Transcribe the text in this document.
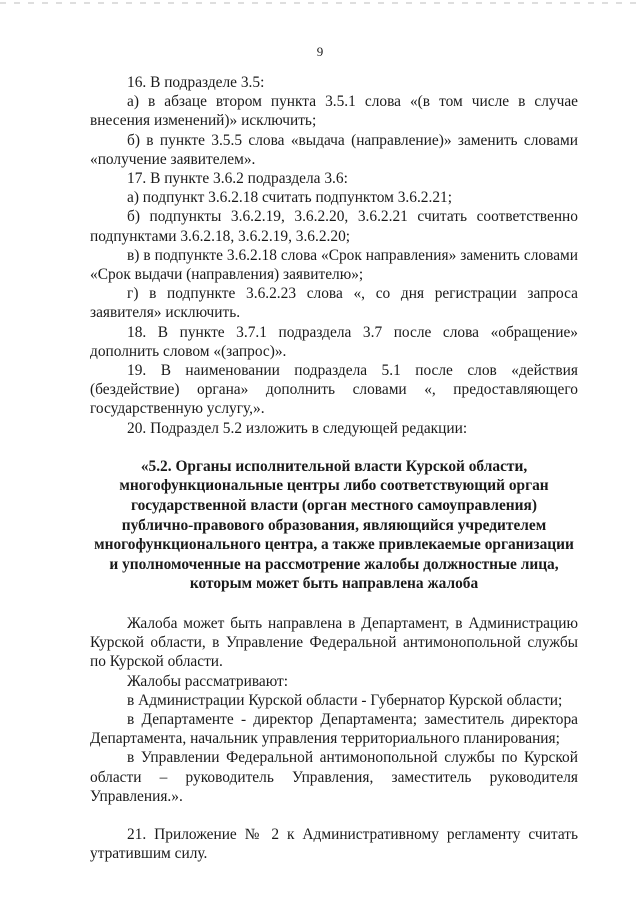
9

16. В подразделе 3.5:

а) в абзаце втором пункта 3.5.1 слова «(в том числе в случае внесения изменений)» исключить;

б) в пункте 3.5.5 слова «выдача (направление)» заменить словами «получение заявителем».

17. В пункте 3.6.2 подраздела 3.6:

а) подпункт 3.6.2.18 считать подпунктом 3.6.2.21;

б) подпункты 3.6.2.19, 3.6.2.20, 3.6.2.21 считать соответственно подпунктами 3.6.2.18, 3.6.2.19, 3.6.2.20;

в) в подпункте 3.6.2.18 слова «Срок направления» заменить словами «Срок выдачи (направления) заявителю»;

г) в подпункте 3.6.2.23 слова «, со дня регистрации запроса заявителя» исключить.

18. В пункте 3.7.1 подраздела 3.7 после слова «обращение» дополнить словом «(запрос)».

19. В наименовании подраздела 5.1 после слов «действия (бездействие) органа» дополнить словами «, предоставляющего государственную услугу,».

20. Подраздел 5.2 изложить в следующей редакции:

«5.2. Органы исполнительной власти Курской области, многофункциональные центры либо соответствующий орган государственной власти (орган местного самоуправления) публично-правового образования, являющийся учредителем многофункционального центра, а также привлекаемые организации и уполномоченные на рассмотрение жалобы должностные лица, которым может быть направлена жалоба

Жалоба может быть направлена в Департамент, в Администрацию Курской области, в Управление Федеральной антимонопольной службы по Курской области.

Жалобы рассматривают:

в Администрации Курской области - Губернатор Курской области;

в Департаменте - директор Департамента; заместитель директора Департамента, начальник управления территориального планирования;

в Управлении Федеральной антимонопольной службы по Курской области – руководитель Управления, заместитель руководителя Управления.».

21. Приложение № 2 к Административному регламенту считать утратившим силу.
